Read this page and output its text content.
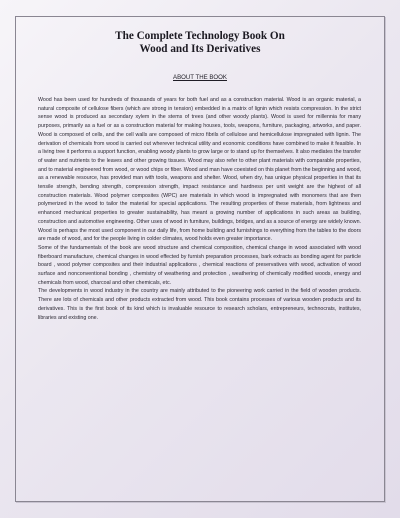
The Complete Technology Book On
Wood and Its Derivatives
ABOUT THE BOOK

Wood has been used for hundreds of thousands of years for both fuel and as a construction material. Wood is an organic material, a natural composite of cellulose fibers (which are strong in tension) embedded in a matrix of lignin which resists compression. In the strict sense wood is produced as secondary xylem in the stems of trees (and other woody plants). Wood is used for millennia for many purposes, primarily as a fuel or as a construction material for making houses, tools, weapons, furniture, packaging, artworks, and paper. Wood is composed of cells, and the cell walls are composed of micro fibrils of cellulose and hemicellulose impregnated with lignin. The derivation of chemicals from wood is carried out wherever technical utility and economic conditions have combined to make it feasible. In a living tree it performs a support function, enabling woody plants to grow large or to stand up for themselves. It also mediates the transfer of water and nutrients to the leaves and other growing tissues. Wood may also refer to other plant materials with comparable properties, and to material engineered from wood, or wood chips or fiber. Wood and man have coexisted on this planet from the beginning and wood, as a renewable resource, has provided man with tools, weapons and shelter. Wood, when dry, has unique physical properties in that its tensile strength, bending strength, compression strength, impact resistance and hardness per unit weight are the highest of all construction materials. Wood polymer composites (WPC) are materials in which wood is impregnated with monomers that are then polymerized in the wood to tailor the material for special applications. The resulting properties of these materials, from lightness and enhanced mechanical properties to greater sustainability, has meant a growing number of applications in such areas as building, construction and automotive engineering. Other uses of wood in furniture, buildings, bridges, and as a source of energy are widely known. Wood is perhaps the most used component in our daily life, from home building and furnishings to everything from the tables to the doors are made of wood, and for the people living in colder climates, wood holds even greater importance.

Some of the fundamentals of the book are wood structure and chemical composition, chemical change in wood associated with wood fiberboard manufacture, chemical changes in wood effected by furnish preparation processes, bark extracts as bonding agent for particle board , wood polymer composites and their industrial applications , chemical reactions of preservatives with wood, activation of wood surface and nonconventional bonding , chemistry of weathering and protection , weathering of chemically modified woods, energy and chemicals from wood, charcoal and other chemicals, etc.

The developments in wood industry in the country are mainly attributed to the pioneering work carried in the field of wooden products. There are lots of chemicals and other products extracted from wood. This book contains processes of various wooden products and its derivatives. This is the first book of its kind which is invaluable resource to research scholars, entrepreneurs, technocrats, institutes, libraries and existing one.
